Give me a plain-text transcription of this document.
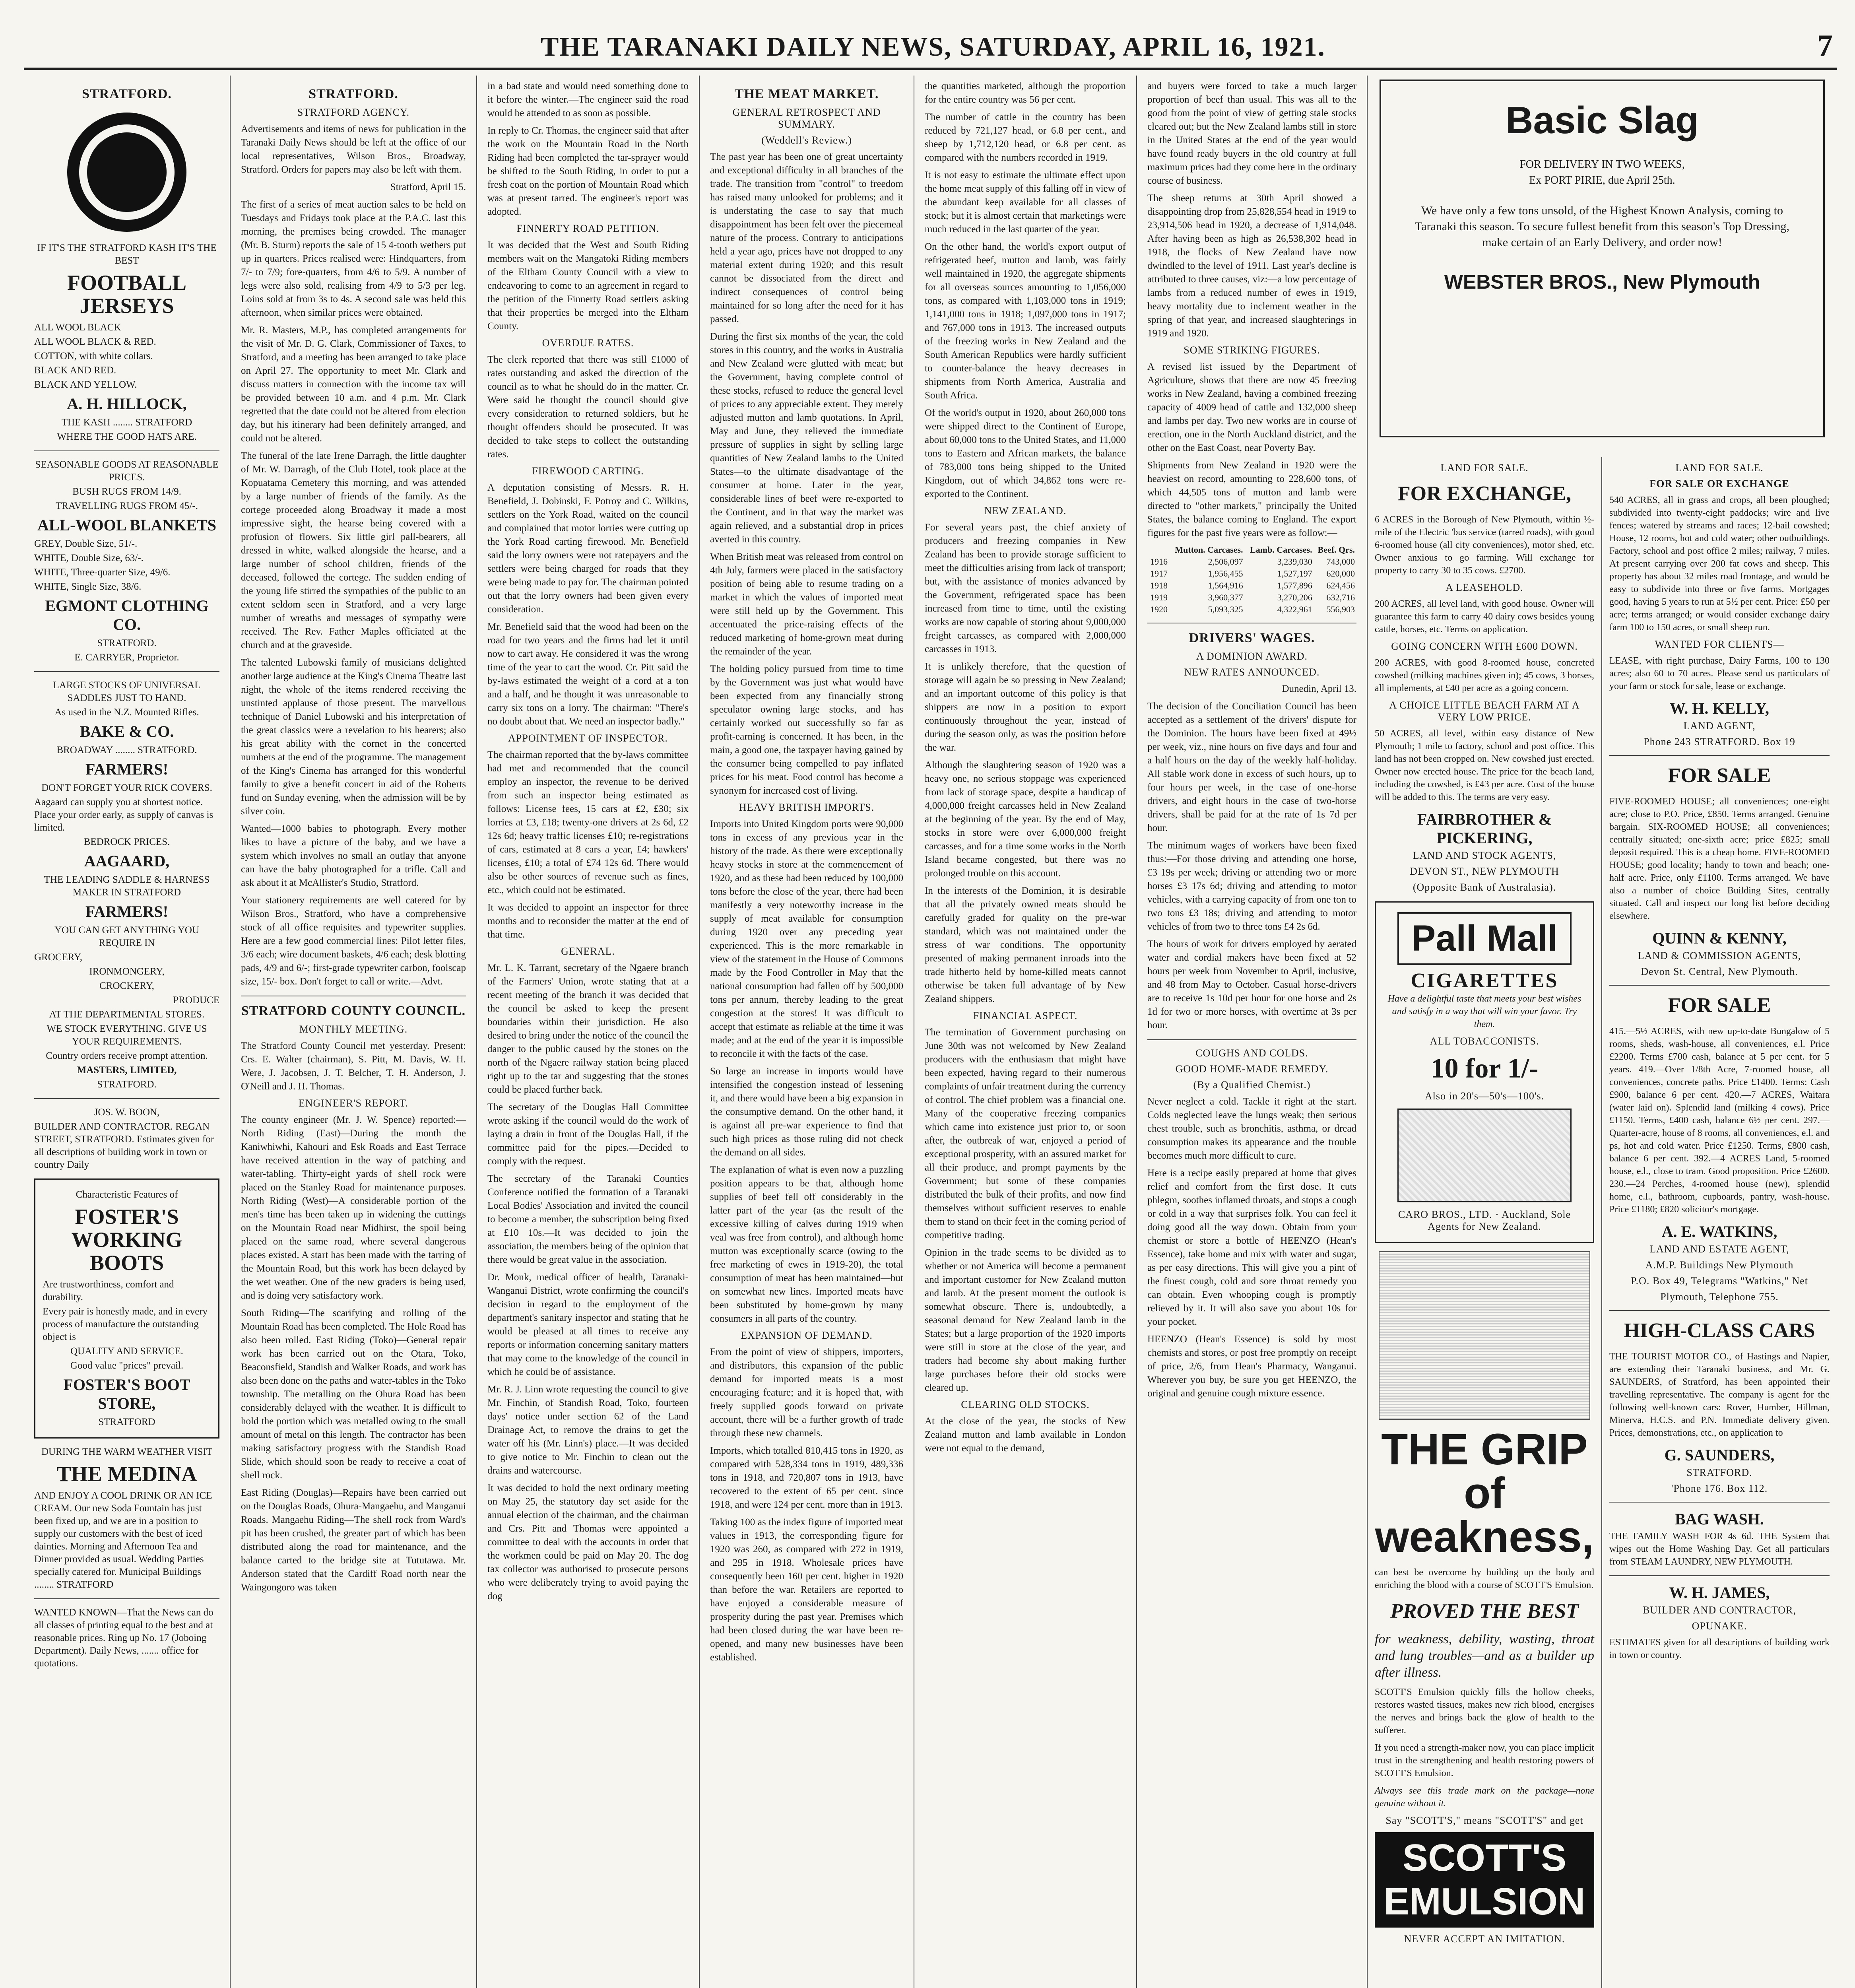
THE TARANAKI DAILY NEWS, SATURDAY, APRIL 16, 1921.	7
STRATFORD.
IF IT'S THE STRATFORD KASH IT'S THE BEST
FOOTBALL JERSEYS
ALL WOOL BLACK
ALL WOOL BLACK & RED.
COTTON, with white collars.
BLACK AND RED.
BLACK AND YELLOW.
A. H. HILLOCK,
THE KASH ........ STRATFORD
WHERE THE GOOD HATS ARE.
SEASONABLE GOODS AT REASONABLE PRICES.
BUSH RUGS FROM 14/9.
TRAVELLING RUGS FROM 45/-.
ALL-WOOL BLANKETS
GREY, Double Size, 51/-.
WHITE, Double Size, 63/-.
WHITE, Three-quarter Size, 49/6.
WHITE, Single Size, 38/6.
EGMONT CLOTHING CO.
STRATFORD.
E. CARRYER, Proprietor.
LARGE STOCKS OF UNIVERSAL SADDLES JUST TO HAND.
As used in the N.Z. Mounted Rifles.
BAKE & CO.
BROADWAY ........ STRATFORD.
FARMERS!
DON'T FORGET YOUR RICK COVERS.
Aagaard can supply you at shortest notice. Place your order early, as supply of canvas is limited.
BEDROCK PRICES.
AAGAARD,
THE LEADING SADDLE & HARNESS MAKER IN STRATFORD
FARMERS!
YOU CAN GET ANYTHING YOU REQUIRE IN
GROCERY,
IRONMONGERY,
CROCKERY,
PRODUCE
AT THE DEPARTMENTAL STORES.
WE STOCK EVERYTHING. GIVE US YOUR REQUIREMENTS.
Country orders receive prompt attention.
MASTERS, LIMITED,
STRATFORD.
JOS. W. BOON,
BUILDER AND CONTRACTOR. REGAN STREET, STRATFORD. Estimates given for all descriptions of building work in town or country Daily
Characteristic Features of
FOSTER'S WORKING BOOTS
Are trustworthiness, comfort and durability.
Every pair is honestly made, and in every process of manufacture the outstanding object is
QUALITY AND SERVICE.
Good value "prices" prevail.
FOSTER'S BOOT STORE,
STRATFORD
DURING THE WARM WEATHER VISIT
THE MEDINA
AND ENJOY A COOL DRINK OR AN ICE CREAM. Our new Soda Fountain has just been fixed up, and we are in a position to supply our customers with the best of iced dainties. Morning and Afternoon Tea and Dinner provided as usual. Wedding Parties specially catered for. Municipal Buildings ........ STRATFORD
WANTED KNOWN—That the News can do all classes of printing equal to the best and at reasonable prices. Ring up No. 17 (Joboing Department). Daily News, ....... office for quotations.
STRATFORD.
STRATFORD AGENCY.

Advertisements and items of news for publication in the Taranaki Daily News should be left at the office of our local representatives, Wilson Bros., Broadway, Stratford. Orders for papers may also be left with them.

Stratford, April 15.

The first of a series of meat auction sales to be held on Tuesdays and Fridays took place at the P.A.C. last this morning, the premises being crowded. The manager (Mr. B. Sturm) reports the sale of 15 4-tooth wethers put up in quarters. Prices realised were: Hindquarters, from 7/- to 7/9; fore-quarters, from 4/6 to 5/9. A number of legs were also sold, realising from 4/9 to 5/3 per leg. Loins sold at from 3s to 4s. A second sale was held this afternoon, when similar prices were obtained.

Mr. R. Masters, M.P., has completed arrangements for the visit of Mr. D. G. Clark, Commissioner of Taxes, to Stratford, and a meeting has been arranged to take place on April 27. The opportunity to meet Mr. Clark and discuss matters in connection with the income tax will be provided between 10 a.m. and 4 p.m. Mr. Clark regretted that the date could not be altered from election day, but his itinerary had been definitely arranged, and could not be altered.

The funeral of the late Irene Darragh, the little daughter of Mr. W. Darragh, of the Club Hotel, took place at the Kopuatama Cemetery this morning, and was attended by a large number of friends of the family. As the cortege proceeded along Broadway it made a most impressive sight, the hearse being covered with a profusion of flowers. Six little girl pall-bearers, all dressed in white, walked alongside the hearse, and a large number of school children, friends of the deceased, followed the cortege. The sudden ending of the young life stirred the sympathies of the public to an extent seldom seen in Stratford, and a very large number of wreaths and messages of sympathy were received. The Rev. Father Maples officiated at the church and at the graveside.

The talented Lubowski family of musicians delighted another large audience at the King's Cinema Theatre last night, the whole of the items rendered receiving the unstinted applause of those present. The marvellous technique of Daniel Lubowski and his interpretation of the great classics were a revelation to his hearers; also his great ability with the cornet in the concerted numbers at the end of the programme. The management of the King's Cinema has arranged for this wonderful family to give a benefit concert in aid of the Roberts fund on Sunday evening, when the admission will be by silver coin.

Wanted—1000 babies to photograph. Every mother likes to have a picture of the baby, and we have a system which involves no small an outlay that anyone can have the baby photographed for a trifle. Call and ask about it at McAllister's Studio, Stratford.

Your stationery requirements are well catered for by Wilson Bros., Stratford, who have a comprehensive stock of all office requisites and typewriter supplies. Here are a few good commercial lines: Pilot letter files, 3/6 each; wire document baskets, 4/6 each; desk blotting pads, 4/9 and 6/-; first-grade typewriter carbon, foolscap size, 15/- box. Don't forget to call or write.—Advt.

STRATFORD COUNTY COUNCIL.
MONTHLY MEETING.

The Stratford County Council met yesterday. Present: Crs. E. Walter (chairman), S. Pitt, M. Davis, W. H. Were, J. Jacobsen, J. T. Belcher, T. H. Anderson, J. O'Neill and J. H. Thomas.

ENGINEER'S REPORT.

The county engineer (Mr. J. W. Spence) reported:— North Riding (East)—During the month the Kaniwhiwhi, Kahouri and Esk Roads and East Terrace have received attention in the way of patching and water-tabling. Thirty-eight yards of shell rock were placed on the Stanley Road for maintenance purposes. North Riding (West)—A considerable portion of the men's time has been taken up in widening the cuttings on the Mountain Road near Midhirst, the spoil being placed on the same road, where several dangerous places existed. A start has been made with the tarring of the Mountain Road, but this work has been delayed by the wet weather. One of the new graders is being used, and is doing very satisfactory work.

South Riding—The scarifying and rolling of the Mountain Road has been completed. The Hole Road has also been rolled. East Riding (Toko)—General repair work has been carried out on the Otara, Toko, Beaconsfield, Standish and Walker Roads, and work has also been done on the paths and water-tables in the Toko township. The metalling on the Ohura Road has been considerably delayed with the weather. It is difficult to hold the portion which was metalled owing to the small amount of metal on this length. The contractor has been making satisfactory progress with the Standish Road Slide, which should soon be ready to receive a coat of shell rock.

East Riding (Douglas)—Repairs have been carried out on the Douglas Roads, Ohura-Mangaehu, and Manganui Roads. Mangaehu Riding—The shell rock from Ward's pit has been crushed, the greater part of which has been distributed along the road for maintenance, and the balance carted to the bridge site at Tututawa. Mr. Anderson stated that the Cardiff Road north near the Waingongoro was taken

in a bad state and would need something done to it before the winter.—The engineer said the road would be attended to as soon as possible.

In reply to Cr. Thomas, the engineer said that after the work on the Mountain Road in the North Riding had been completed the tar-sprayer would be shifted to the South Riding, in order to put a fresh coat on the portion of Mountain Road which was at present tarred. The engineer's report was adopted.

FINNERTY ROAD PETITION.

It was decided that the West and South Riding members wait on the Mangatoki Riding members of the Eltham County Council with a view to endeavoring to come to an agreement in regard to the petition of the Finnerty Road settlers asking that their properties be merged into the Eltham County.

OVERDUE RATES.

The clerk reported that there was still £1000 of rates outstanding and asked the direction of the council as to what he should do in the matter. Cr. Were said he thought the council should give every consideration to returned soldiers, but he thought offenders should be prosecuted. It was decided to take steps to collect the outstanding rates.

FIREWOOD CARTING.

A deputation consisting of Messrs. R. H. Benefield, J. Dobinski, F. Potroy and C. Wilkins, settlers on the York Road, waited on the council and complained that motor lorries were cutting up the York Road carting firewood. Mr. Benefield said the lorry owners were not ratepayers and the settlers were being charged for roads that they were being made to pay for. The chairman pointed out that the lorry owners had been given every consideration.

Mr. Benefield said that the wood had been on the road for two years and the firms had let it until now to cart away. He considered it was the wrong time of the year to cart the wood. Cr. Pitt said the by-laws estimated the weight of a cord at a ton and a half, and he thought it was unreasonable to carry six tons on a lorry. The chairman: "There's no doubt about that. We need an inspector badly."

APPOINTMENT OF INSPECTOR.

The chairman reported that the by-laws committee had met and recommended that the council employ an inspector, the revenue to be derived from such an inspector being estimated as follows: License fees, 15 cars at £2, £30; six lorries at £3, £18; twenty-one drivers at 2s 6d, £2 12s 6d; heavy traffic licenses £10; re-registrations of cars, estimated at 8 cars a year, £4; hawkers' licenses, £10; a total of £74 12s 6d. There would also be other sources of revenue such as fines, etc., which could not be estimated.

It was decided to appoint an inspector for three months and to reconsider the matter at the end of that time.

GENERAL.

Mr. L. K. Tarrant, secretary of the Ngaere branch of the Farmers' Union, wrote stating that at a recent meeting of the branch it was decided that the council be asked to keep the present boundaries within their jurisdiction. He also desired to bring under the notice of the council the danger to the public caused by the stones on the north of the Ngaere railway station being placed right up to the tar and suggesting that the stones could be placed further back.

The secretary of the Douglas Hall Committee wrote asking if the council would do the work of laying a drain in front of the Douglas Hall, if the committee paid for the pipes.—Decided to comply with the request.

The secretary of the Taranaki Counties Conference notified the formation of a Taranaki Local Bodies' Association and invited the council to become a member, the subscription being fixed at £10 10s.—It was decided to join the association, the members being of the opinion that there would be great value in the association.

Dr. Monk, medical officer of health, Taranaki-Wanganui District, wrote confirming the council's decision in regard to the employment of the department's sanitary inspector and stating that he would be pleased at all times to receive any reports or information concerning sanitary matters that may come to the knowledge of the council in which he could be of assistance.

Mr. R. J. Linn wrote requesting the council to give Mr. Finchin, of Standish Road, Toko, fourteen days' notice under section 62 of the Land Drainage Act, to remove the drains to get the water off his (Mr. Linn's) place.—It was decided to give notice to Mr. Finchin to clean out the drains and watercourse.

It was decided to hold the next ordinary meeting on May 25, the statutory day set aside for the annual election of the chairman, and the chairman and Crs. Pitt and Thomas were appointed a committee to deal with the accounts in order that the workmen could be paid on May 20. The dog tax collector was authorised to prosecute persons who were deliberately trying to avoid paying the dog

THE MEAT MARKET.
GENERAL RETROSPECT AND SUMMARY.
(Weddell's Review.)

The past year has been one of great uncertainty and exceptional difficulty in all branches of the trade. The transition from "control" to freedom has raised many unlooked for problems; and it is understating the case to say that much disappointment has been felt over the piecemeal nature of the process. Contrary to anticipations held a year ago, prices have not dropped to any material extent during 1920; and this result cannot be dissociated from the direct and indirect consequences of control being maintained for so long after the need for it has passed.

During the first six months of the year, the cold stores in this country, and the works in Australia and New Zealand were glutted with meat; but the Government, having complete control of these stocks, refused to reduce the general level of prices to any appreciable extent. They merely adjusted mutton and lamb quotations. In April, May and June, they relieved the immediate pressure of supplies in sight by selling large quantities of New Zealand lambs to the United States—to the ultimate disadvantage of the consumer at home. Later in the year, considerable lines of beef were re-exported to the Continent, and in that way the market was again relieved, and a substantial drop in prices averted in this country.

When British meat was released from control on 4th July, farmers were placed in the satisfactory position of being able to resume trading on a market in which the values of imported meat were still held up by the Government. This accentuated the price-raising effects of the reduced marketing of home-grown meat during the remainder of the year.

The holding policy pursued from time to time by the Government was just what would have been expected from any financially strong speculator owning large stocks, and has certainly worked out successfully so far as profit-earning is concerned. It has been, in the main, a good one, the taxpayer having gained by the consumer being compelled to pay inflated prices for his meat. Food control has become a synonym for increased cost of living.

HEAVY BRITISH IMPORTS.

Imports into United Kingdom ports were 90,000 tons in excess of any previous year in the history of the trade. As there were exceptionally heavy stocks in store at the commencement of 1920, and as these had been reduced by 100,000 tons before the close of the year, there had been manifestly a very noteworthy increase in the supply of meat available for consumption during 1920 over any preceding year experienced. This is the more remarkable in view of the statement in the House of Commons made by the Food Controller in May that the national consumption had fallen off by 500,000 tons per annum, thereby leading to the great congestion at the stores! It was difficult to accept that estimate as reliable at the time it was made; and at the end of the year it is impossible to reconcile it with the facts of the case.

So large an increase in imports would have intensified the congestion instead of lessening it, and there would have been a big expansion in the consumptive demand. On the other hand, it is against all pre-war experience to find that such high prices as those ruling did not check the demand on all sides.

The explanation of what is even now a puzzling position appears to be that, although home supplies of beef fell off considerably in the latter part of the year (as the result of the excessive killing of calves during 1919 when veal was free from control), and although home mutton was exceptionally scarce (owing to the free marketing of ewes in 1919-20), the total consumption of meat has been maintained—but on somewhat new lines. Imported meats have been substituted by home-grown by many consumers in all parts of the country.

EXPANSION OF DEMAND.

From the point of view of shippers, importers, and distributors, this expansion of the public demand for imported meats is a most encouraging feature; and it is hoped that, with freely supplied goods forward on private account, there will be a further growth of trade through these new channels.

Imports, which totalled 810,415 tons in 1920, as compared with 528,334 tons in 1919, 489,336 tons in 1918, and 720,807 tons in 1913, have recovered to the extent of 65 per cent. since 1918, and were 124 per cent. more than in 1913.

Taking 100 as the index figure of imported meat values in 1913, the corresponding figure for 1920 was 260, as compared with 272 in 1919, and 295 in 1918. Wholesale prices have consequently been 160 per cent. higher in 1920 than before the war. Retailers are reported to have enjoyed a considerable measure of prosperity during the past year. Premises which had been closed during the war have been re-opened, and many new businesses have been established.

the quantities marketed, although the proportion for the entire country was 56 per cent.

The number of cattle in the country has been reduced by 721,127 head, or 6.8 per cent., and sheep by 1,712,120 head, or 6.8 per cent. as compared with the numbers recorded in 1919.

It is not easy to estimate the ultimate effect upon the home meat supply of this falling off in view of the abundant keep available for all classes of stock; but it is almost certain that marketings were much reduced in the last quarter of the year.

On the other hand, the world's export output of refrigerated beef, mutton and lamb, was fairly well maintained in 1920, the aggregate shipments for all overseas sources amounting to 1,056,000 tons, as compared with 1,103,000 tons in 1919; 1,141,000 tons in 1918; 1,097,000 tons in 1917; and 767,000 tons in 1913. The increased outputs of the freezing works in New Zealand and the South American Republics were hardly sufficient to counter-balance the heavy decreases in shipments from North America, Australia and South Africa.

Of the world's output in 1920, about 260,000 tons were shipped direct to the Continent of Europe, about 60,000 tons to the United States, and 11,000 tons to Eastern and African markets, the balance of 783,000 tons being shipped to the United Kingdom, out of which 34,862 tons were re-exported to the Continent.

NEW ZEALAND.

For several years past, the chief anxiety of producers and freezing companies in New Zealand has been to provide storage sufficient to meet the difficulties arising from lack of transport; but, with the assistance of monies advanced by the Government, refrigerated space has been increased from time to time, until the existing works are now capable of storing about 9,000,000 freight carcasses, as compared with 2,000,000 carcasses in 1913.

It is unlikely therefore, that the question of storage will again be so pressing in New Zealand; and an important outcome of this policy is that shippers are now in a position to export continuously throughout the year, instead of during the season only, as was the position before the war.

Although the slaughtering season of 1920 was a heavy one, no serious stoppage was experienced from lack of storage space, despite a handicap of 4,000,000 freight carcasses held in New Zealand at the beginning of the year. By the end of May, stocks in store were over 6,000,000 freight carcasses, and for a time some works in the North Island became congested, but there was no prolonged trouble on this account.

In the interests of the Dominion, it is desirable that all the privately owned meats should be carefully graded for quality on the pre-war standard, which was not maintained under the stress of war conditions. The opportunity presented of making permanent inroads into the trade hitherto held by home-killed meats cannot otherwise be taken full advantage of by New Zealand shippers.

FINANCIAL ASPECT.

The termination of Government purchasing on June 30th was not welcomed by New Zealand producers with the enthusiasm that might have been expected, having regard to their numerous complaints of unfair treatment during the currency of control. The chief problem was a financial one. Many of the cooperative freezing companies which came into existence just prior to, or soon after, the outbreak of war, enjoyed a period of exceptional prosperity, with an assured market for all their produce, and prompt payments by the Government; but some of these companies distributed the bulk of their profits, and now find themselves without sufficient reserves to enable them to stand on their feet in the coming period of competitive trading.

Opinion in the trade seems to be divided as to whether or not America will become a permanent and important customer for New Zealand mutton and lamb. At the present moment the outlook is somewhat obscure. There is, undoubtedly, a seasonal demand for New Zealand lamb in the States; but a large proportion of the 1920 imports were still in store at the close of the year, and traders had become shy about making further large purchases before their old stocks were cleared up.

CLEARING OLD STOCKS.

At the close of the year, the stocks of New Zealand mutton and lamb available in London were not equal to the demand,

and buyers were forced to take a much larger proportion of beef than usual. This was all to the good from the point of view of getting stale stocks cleared out; but the New Zealand lambs still in store in the United States at the end of the year would have found ready buyers in the old country at full maximum prices had they come here in the ordinary course of business.

The sheep returns at 30th April showed a disappointing drop from 25,828,554 head in 1919 to 23,914,506 head in 1920, a decrease of 1,914,048. After having been as high as 26,538,302 head in 1918, the flocks of New Zealand have now dwindled to the level of 1911. Last year's decline is attributed to three causes, viz:—a low percentage of lambs from a reduced number of ewes in 1919, heavy mortality due to inclement weather in the spring of that year, and increased slaughterings in 1919 and 1920.

SOME STRIKING FIGURES.

A revised list issued by the Department of Agriculture, shows that there are now 45 freezing works in New Zealand, having a combined freezing capacity of 4009 head of cattle and 132,000 sheep and lambs per day. Two new works are in course of erection, one in the North Auckland district, and the other on the East Coast, near Poverty Bay.

Shipments from New Zealand in 1920 were the heaviest on record, amounting to 228,600 tons, of which 44,505 tons of mutton and lamb were directed to "other markets," principally the United States, the balance coming to England. The export figures for the past five years were as follow:—

	Mutton. Carcases.	Lamb. Carcases.	Beef. Qrs.
1916	2,506,097	3,239,030	743,000
1917	1,956,455	1,527,197	620,000
1918	1,564,916	1,577,896	624,456
1919	3,960,377	3,270,206	632,716
1920	5,093,325	4,322,961	556,903
DRIVERS' WAGES.
A DOMINION AWARD.
NEW RATES ANNOUNCED.

Dunedin, April 13.

The decision of the Conciliation Council has been accepted as a settlement of the drivers' dispute for the Dominion. The hours have been fixed at 49½ per week, viz., nine hours on five days and four and a half hours on the day of the weekly half-holiday. All stable work done in excess of such hours, up to four hours per week, in the case of one-horse drivers, and eight hours in the case of two-horse drivers, shall be paid for at the rate of 1s 7d per hour.

The minimum wages of workers have been fixed thus:—For those driving and attending one horse, £3 19s per week; driving or attending two or more horses £3 17s 6d; driving and attending to motor vehicles, with a carrying capacity of from one ton to two tons £3 18s; driving and attending to motor vehicles of from two to three tons £4 2s 6d.

The hours of work for drivers employed by aerated water and cordial makers have been fixed at 52 hours per week from November to April, inclusive, and 48 from May to October. Casual horse-drivers are to receive 1s 10d per hour for one horse and 2s 1d for two or more horses, with overtime at 3s per hour.

COUGHS AND COLDS.
GOOD HOME-MADE REMEDY.
(By a Qualified Chemist.)

Never neglect a cold. Tackle it right at the start. Colds neglected leave the lungs weak; then serious chest trouble, such as bronchitis, asthma, or dread consumption makes its appearance and the trouble becomes much more difficult to cure.

Here is a recipe easily prepared at home that gives relief and comfort from the first dose. It cuts phlegm, soothes inflamed throats, and stops a cough or cold in a way that surprises folk. You can feel it doing good all the way down. Obtain from your chemist or store a bottle of HEENZO (Hean's Essence), take home and mix with water and sugar, as per easy directions. This will give you a pint of the finest cough, cold and sore throat remedy you can obtain. Even whooping cough is promptly relieved by it. It will also save you about 10s for your pocket.

HEENZO (Hean's Essence) is sold by most chemists and stores, or post free promptly on receipt of price, 2/6, from Hean's Pharmacy, Wanganui. Wherever you buy, be sure you get HEENZO, the original and genuine cough mixture essence.

Basic Slag
FOR DELIVERY IN TWO WEEKS,
Ex PORT PIRIE, due April 25th.
We have only a few tons unsold, of the Highest Known Analysis, coming to Taranaki this season. To secure fullest benefit from this season's Top Dressing, make certain of an Early Delivery, and order now!
WEBSTER BROS., New Plymouth
LAND FOR SALE.
FOR EXCHANGE,

6 ACRES in the Borough of New Plymouth, within ½-mile of the Electric 'bus service (tarred roads), with good 6-roomed house (all city conveniences), motor shed, etc. Owner anxious to go farming. Will exchange for property to carry 30 to 35 cows. £2700.

A LEASEHOLD.

200 ACRES, all level land, with good house. Owner will guarantee this farm to carry 40 dairy cows besides young cattle, horses, etc. Terms on application.

GOING CONCERN WITH £600 DOWN.

200 ACRES, with good 8-roomed house, concreted cowshed (milking machines given in); 45 cows, 3 horses, all implements, at £40 per acre as a going concern.

A CHOICE LITTLE BEACH FARM AT A VERY LOW PRICE.

50 ACRES, all level, within easy distance of New Plymouth; 1 mile to factory, school and post office. This land has not been cropped on. New cowshed just erected. Owner now erected house. The price for the beach land, including the cowshed, is £43 per acre. Cost of the house will be added to this. The terms are very easy.

FAIRBROTHER & PICKERING,
LAND AND STOCK AGENTS,
DEVON ST., NEW PLYMOUTH
(Opposite Bank of Australasia).
Pall Mall
CIGARETTES

Have a delightful taste that meets your best wishes and satisfy in a way that will win your favor. Try them.

ALL TOBACCONISTS.
10 for 1/-
Also in 20's—50's—100's.
CARO BROS., LTD. · Auckland, Sole Agents for New Zealand.
THE GRIP of weakness,

can best be overcome by building up the body and enriching the blood with a course of SCOTT'S Emulsion.

PROVED THE BEST

for weakness, debility, wasting, throat and lung troubles—and as a builder up after illness.

SCOTT'S Emulsion quickly fills the hollow cheeks, restores wasted tissues, makes new rich blood, energises the nerves and brings back the glow of health to the sufferer.

If you need a strength-maker now, you can place implicit trust in the strengthening and health restoring powers of SCOTT'S Emulsion.

Always see this trade mark on the package—none genuine without it.

Say "SCOTT'S," means "SCOTT'S" and get
SCOTT'S EMULSION
NEVER ACCEPT AN IMITATION.
LAND FOR SALE.
FOR SALE OR EXCHANGE

540 ACRES, all in grass and crops, all been ploughed; subdivided into twenty-eight paddocks; wire and live fences; watered by streams and races; 12-bail cowshed; House, 12 rooms, hot and cold water; other outbuildings. Factory, school and post office 2 miles; railway, 7 miles. At present carrying over 200 fat cows and sheep. This property has about 32 miles road frontage, and would be easy to subdivide into three or five farms. Mortgages good, having 5 years to run at 5½ per cent. Price: £50 per acre; terms arranged; or would consider exchange dairy farm 100 to 150 acres, or small sheep run.

WANTED FOR CLIENTS—

LEASE, with right purchase, Dairy Farms, 100 to 130 acres; also 60 to 70 acres. Please send us particulars of your farm or stock for sale, lease or exchange.

W. H. KELLY,
LAND AGENT,
Phone 243 STRATFORD. Box 19
FOR SALE

FIVE-ROOMED HOUSE; all conveniences; one-eight acre; close to P.O. Price, £850. Terms arranged. Genuine bargain. SIX-ROOMED HOUSE; all conveniences; centrally situated; one-sixth acre; price £825; small deposit required. This is a cheap home. FIVE-ROOMED HOUSE; good locality; handy to town and beach; one-half acre. Price, only £1100. Terms arranged. We have also a number of choice Building Sites, centrally situated. Call and inspect our long list before deciding elsewhere.

QUINN & KENNY,
LAND & COMMISSION AGENTS,
Devon St. Central, New Plymouth.
FOR SALE

415.—5½ ACRES, with new up-to-date Bungalow of 5 rooms, sheds, wash-house, all conveniences, e.l. Price £2200. Terms £700 cash, balance at 5 per cent. for 5 years. 419.—Over 1/8th Acre, 7-roomed house, all conveniences, concrete paths. Price £1400. Terms: Cash £900, balance 6 per cent. 420.—7 ACRES, Waitara (water laid on). Splendid land (milking 4 cows). Price £1150. Terms, £400 cash, balance 6½ per cent. 297.—Quarter-acre, house of 8 rooms, all conveniences, e.l. and ps, hot and cold water. Price £1250. Terms, £800 cash, balance 6 per cent. 392.—4 ACRES Land, 5-roomed house, e.l., close to tram. Good proposition. Price £2600. 230.—24 Perches, 4-roomed house (new), splendid home, e.l., bathroom, cupboards, pantry, wash-house. Price £1180; £820 solicitor's mortgage.

A. E. WATKINS,
LAND AND ESTATE AGENT,
A.M.P. Buildings New Plymouth
P.O. Box 49, Telegrams "Watkins," Net
Plymouth, Telephone 755.
HIGH-CLASS CARS

THE TOURIST MOTOR CO., of Hastings and Napier, are extending their Taranaki business, and Mr. G. SAUNDERS, of Stratford, has been appointed their travelling representative. The company is agent for the following well-known cars: Rover, Humber, Hillman, Minerva, H.C.S. and P.N. Immediate delivery given. Prices, demonstrations, etc., on application to

G. SAUNDERS,
STRATFORD.
'Phone 176. Box 112.
BAG WASH.

THE FAMILY WASH FOR 4s 6d. THE System that wipes out the Home Washing Day. Get all particulars from STEAM LAUNDRY, NEW PLYMOUTH.

W. H. JAMES,
BUILDER AND CONTRACTOR,
OPUNAKE.

ESTIMATES given for all descriptions of building work in town or country.
